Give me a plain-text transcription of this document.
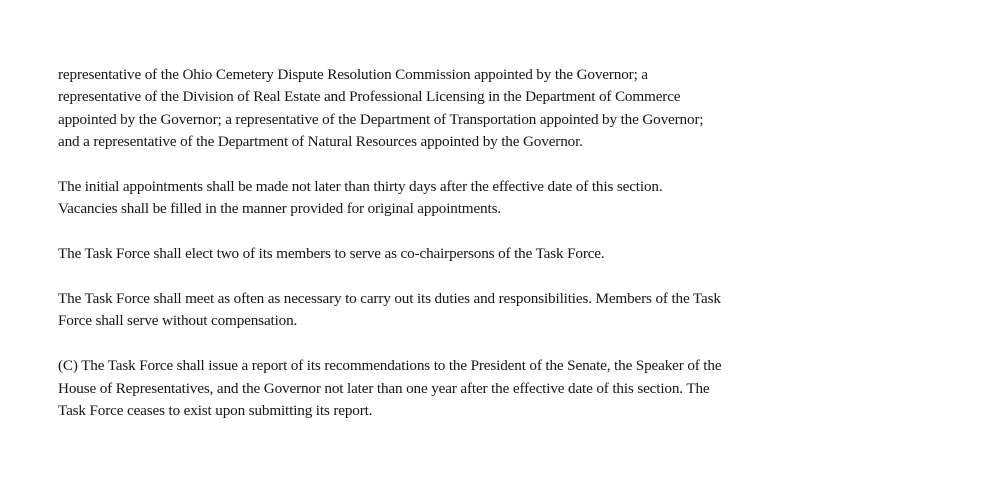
representative of the Ohio Cemetery Dispute Resolution Commission appointed by the Governor; a
representative of the Division of Real Estate and Professional Licensing in the Department of Commerce
appointed by the Governor; a representative of the Department of Transportation appointed by the Governor;
and a representative of the Department of Natural Resources appointed by the Governor.

The initial appointments shall be made not later than thirty days after the effective date of this section.
Vacancies shall be filled in the manner provided for original appointments.

The Task Force shall elect two of its members to serve as co-chairpersons of the Task Force.

The Task Force shall meet as often as necessary to carry out its duties and responsibilities. Members of the Task
Force shall serve without compensation.

(C) The Task Force shall issue a report of its recommendations to the President of the Senate, the Speaker of the
House of Representatives, and the Governor not later than one year after the effective date of this section. The
Task Force ceases to exist upon submitting its report.
